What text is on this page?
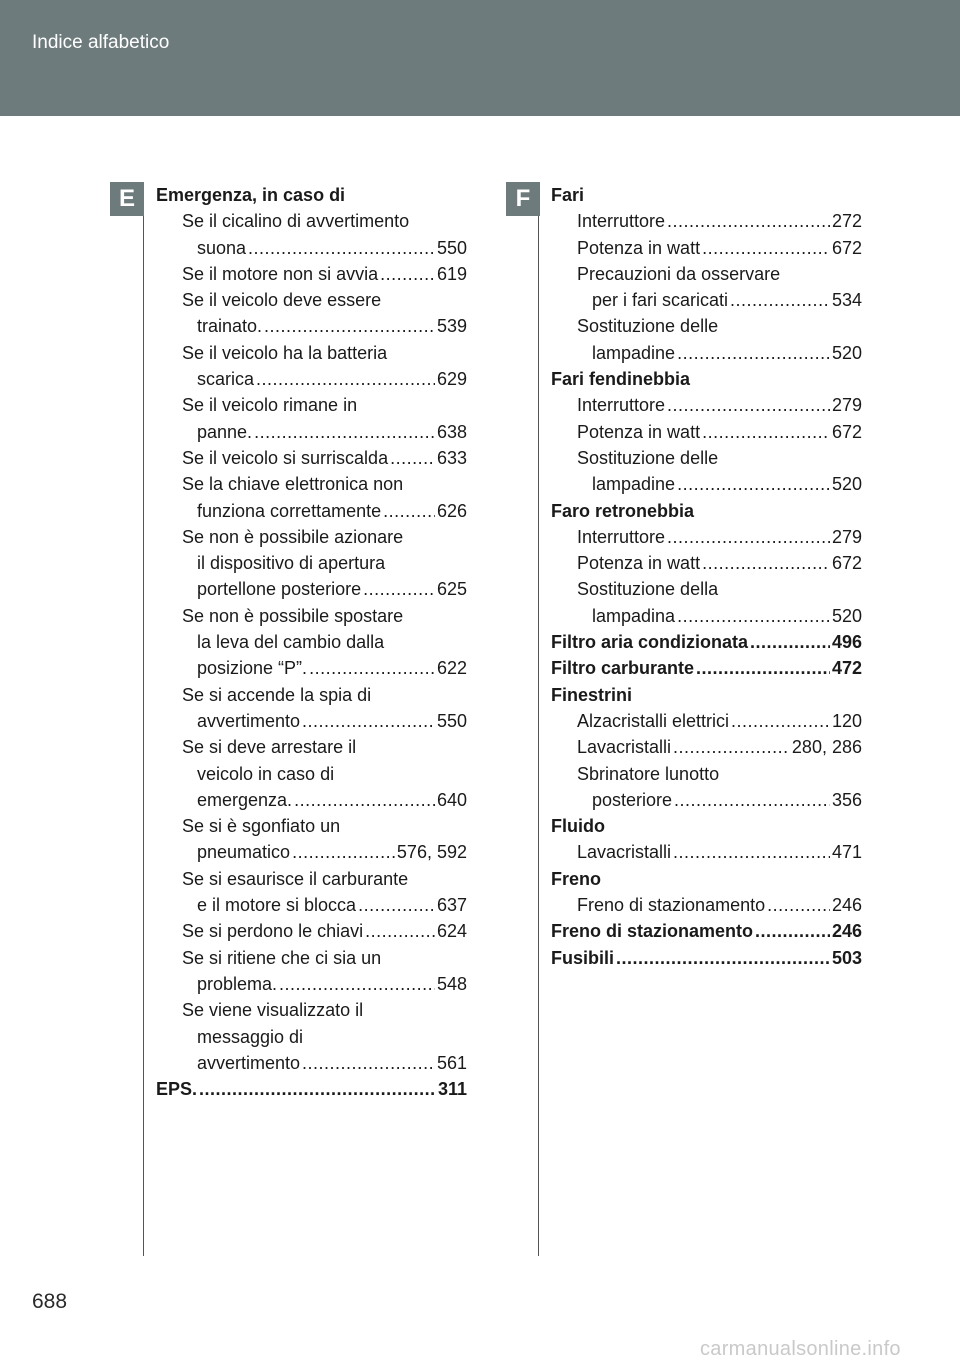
Indice alfabetico
E	Emergenza, in caso di
Se il cicalino di avvertimento
suona .....	550
Se il motore non si avvia .....	619
Se il veicolo deve essere
trainato. .....	539
Se il veicolo ha la batteria
scarica .....	629
Se il veicolo rimane in
panne. .....	638
Se il veicolo si surriscalda .....	633
Se la chiave elettronica non
funziona correttamente .....	626
Se non è possibile azionare
il dispositivo di apertura
portellone posteriore .....	625
Se non è possibile spostare
la leva del cambio dalla
posizione “P”. .....	622
Se si accende la spia di
avvertimento .....	550
Se si deve arrestare il
veicolo in caso di
emergenza. .....	640
Se si è sgonfiato un
pneumatico .....	576, 592
Se si esaurisce il carburante
e il motore si blocca .....	637
Se si perdono le chiavi .....	624
Se si ritiene che ci sia un
problema. .....	548
Se viene visualizzato il
messaggio di
avvertimento .....	561
EPS. .....	311
F	Fari
Interruttore .....	272
Potenza in watt .....	672
Precauzioni da osservare
per i fari scaricati .....	534
Sostituzione delle
lampadine .....	520
Fari fendinebbia
Interruttore .....	279
Potenza in watt .....	672
Sostituzione delle
lampadine .....	520
Faro retronebbia
Interruttore .....	279
Potenza in watt .....	672
Sostituzione della
lampadina .....	520
Filtro aria condizionata .....	496
Filtro carburante .....	472
Finestrini
Alzacristalli elettrici .....	120
Lavacristalli .....	280, 286
Sbrinatore lunotto
posteriore .....	356
Fluido
Lavacristalli .....	471
Freno
Freno di stazionamento .....	246
Freno di stazionamento .....	246
Fusibili .....	503
688
carmanualsonline.info
